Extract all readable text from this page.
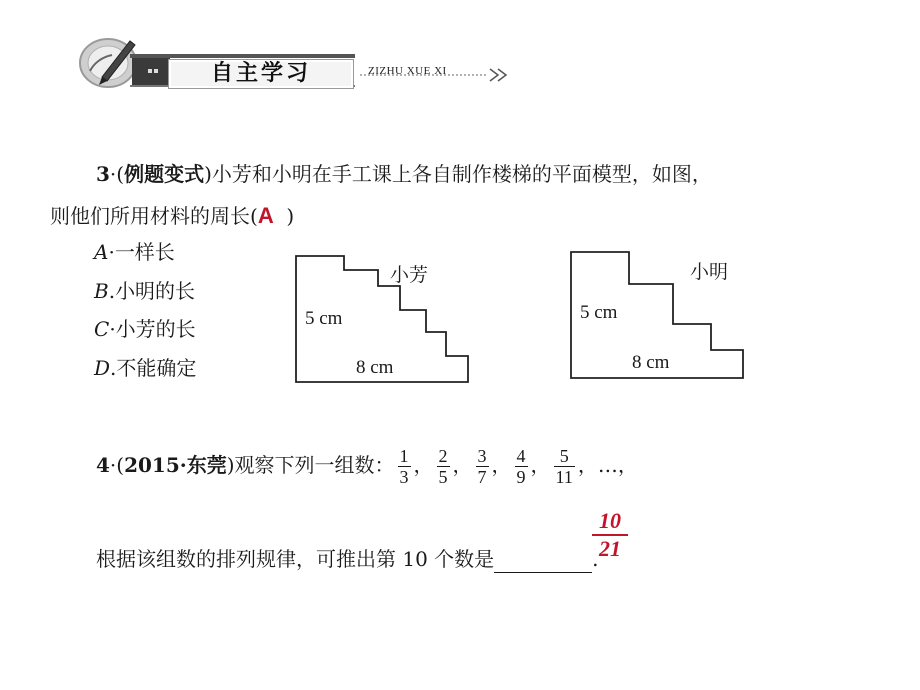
自主学习	ZIZHU XUE XI
3·(例题变式)小芳和小明在手工课上各自制作楼梯的平面模型，如图，
则他们所用材料的周长(A )
A·一样长
B.小明的长
C·小芳的长
D.不能确定
小芳
5 cm
8 cm
小明
5 cm
8 cm
4·(2015·东莞)观察下列一组数： $\frac{1}{3}$ ， $\frac{2}{5}$ ， $\frac{3}{7}$ ， $\frac{4}{9}$ ， $\frac{5}{11}$ ，…，
根据该组数的排列规律，可推出第 10 个数是	.
$\frac{10}{21}$
